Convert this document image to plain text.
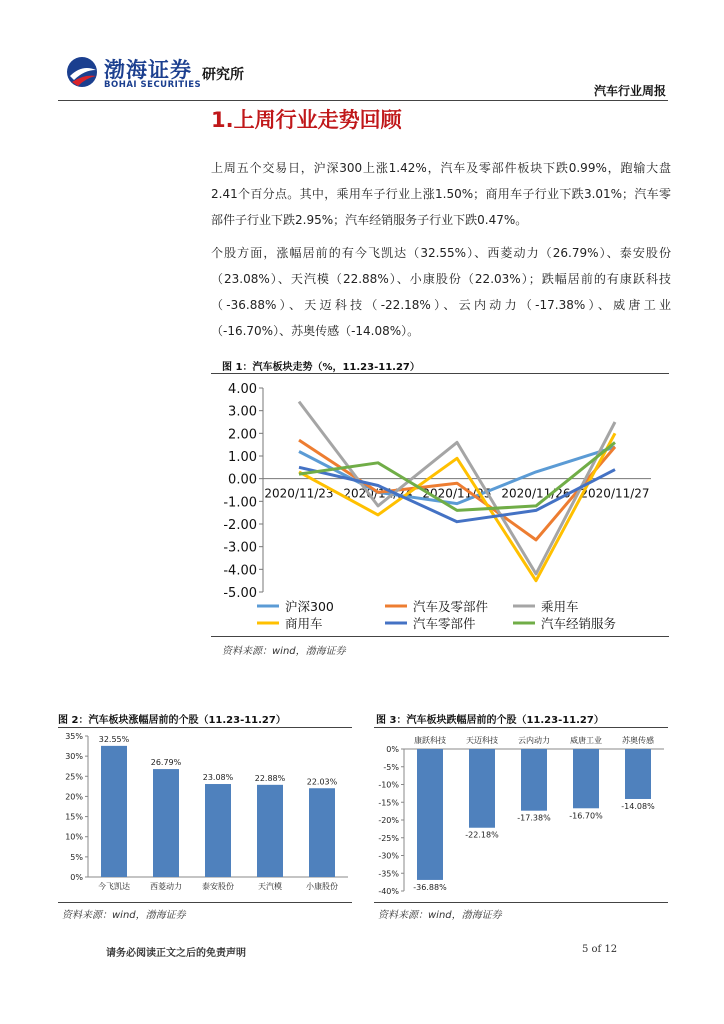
渤海证券
BOHAI SECURITIES
研究所
汽车行业周报
1.上周行业走势回顾
上周五个交易日，沪深300上涨1.42%，汽车及零部件板块下跌0.99%，跑输大盘2.41个百分点。其中，乘用车子行业上涨1.50%；商用车子行业下跌3.01%；汽车零部件子行业下跌2.95%；汽车经销服务子行业下跌0.47%。
个股方面，涨幅居前的有今飞凯达（32.55%）、西菱动力（26.79%）、泰安股份（23.08%）、天汽模（22.88%）、小康股份（22.03%）；跌幅居前的有康跃科技（-36.88%）、天迈科技（-22.18%）、云内动力（-17.38%）、威唐工业（-16.70%）、苏奥传感（-14.08%）。
图 1：汽车板块走势（%，11.23-11.27）
4.00
3.00
2.00
1.00
0.00
-1.00
-2.00
-3.00
-4.00
-5.00
2020/11/23 2020/11/24 2020/11/25 2020/11/26 2020/11/27
沪深300	汽车及零部件	乘用车
商用车	汽车零部件	汽车经销服务
资料来源：wind，渤海证券
图 2：汽车板块涨幅居前的个股（11.23-11.27）
35%
30%
25%
20%
15%
10%
5%
0%
32.55%
今飞凯达
26.79%
西菱动力
23.08%
泰安股份
22.88%
天汽模
22.03%
小康股份
资料来源：wind，渤海证券
图 3：汽车板块跌幅居前的个股（11.23-11.27）
0%
-5%
-10%
-15%
-20%
-25%
-30%
-35%
-40% -36.88%
康跃科技
-22.18%
天迈科技
-17.38%
云内动力
-16.70%
威唐工业
-14.08%
苏奥传感
资料来源：wind，渤海证券
请务必阅读正文之后的免责声明	5 of 12
